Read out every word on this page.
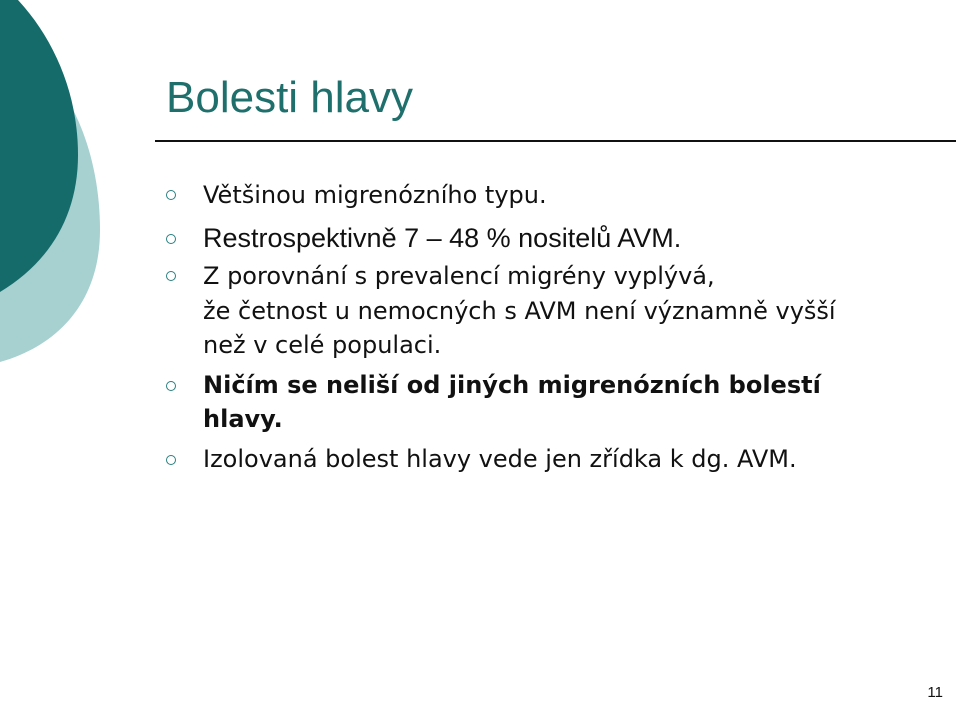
Bolesti hlavy
Většinou migrenózního typu.
Restrospektivně 7 – 48 % nositelů AVM.
Z porovnání s prevalencí migrény vyplývá,
že četnost u nemocných s AVM není významně vyšší
než v celé populaci.
Ničím se neliší od jiných migrenózních bolestí
hlavy.
Izolovaná bolest hlavy vede jen zřídka k dg. AVM.
11
